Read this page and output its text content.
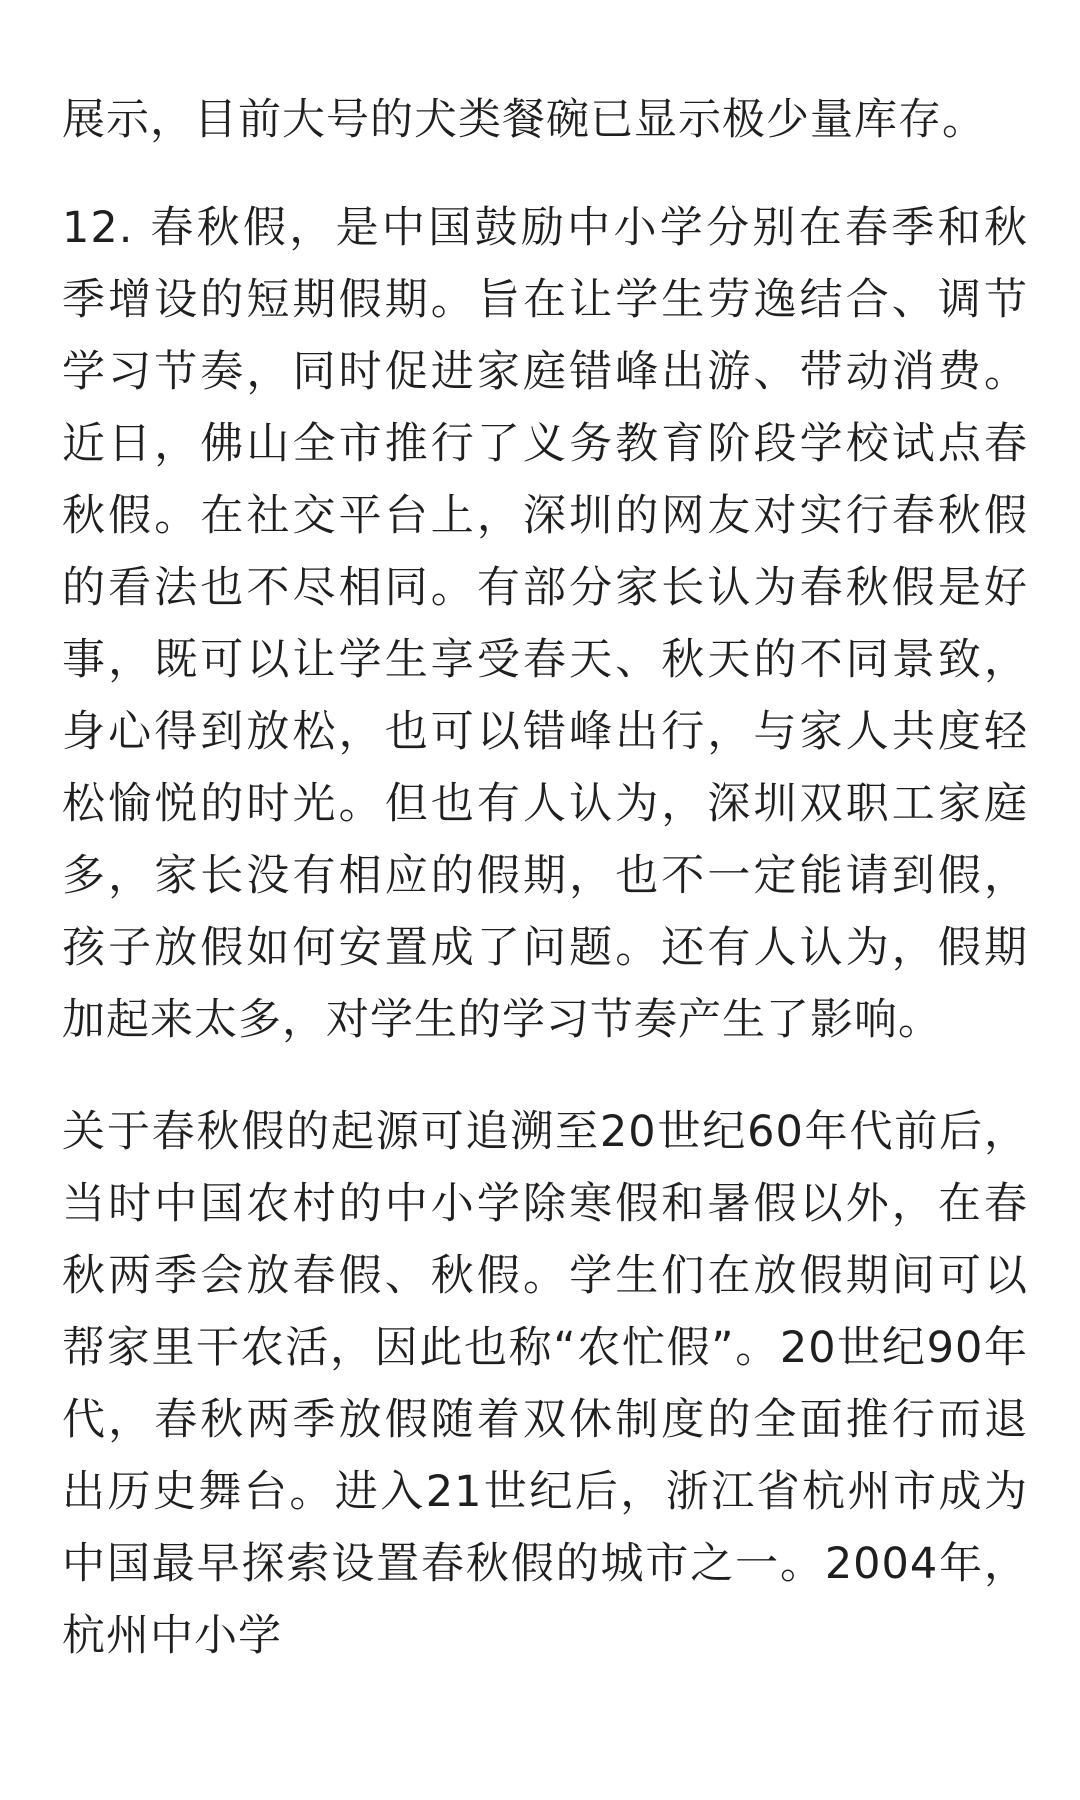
展示，目前大号的犬类餐碗已显示极少量库存。

12. 春秋假，是中国鼓励中小学分别在春季和秋季增设的短期假期。旨在让学生劳逸结合、调节学习节奏，同时促进家庭错峰出游、带动消费。近日，佛山全市推行了义务教育阶段学校试点春秋假。在社交平台上，深圳的网友对实行春秋假的看法也不尽相同。有部分家长认为春秋假是好事，既可以让学生享受春天、秋天的不同景致，身心得到放松，也可以错峰出行，与家人共度轻松愉悦的时光。但也有人认为，深圳双职工家庭多，家长没有相应的假期，也不一定能请到假，孩子放假如何安置成了问题。还有人认为，假期加起来太多，对学生的学习节奏产生了影响。

关于春秋假的起源可追溯至20世纪60年代前后，当时中国农村的中小学除寒假和暑假以外，在春秋两季会放春假、秋假。学生们在放假期间可以帮家里干农活，因此也称“农忙假”。20世纪90年代，春秋两季放假随着双休制度的全面推行而退出历史舞台。进入21世纪后，浙江省杭州市成为中国最早探索设置春秋假的城市之一。2004年，杭州中小学
